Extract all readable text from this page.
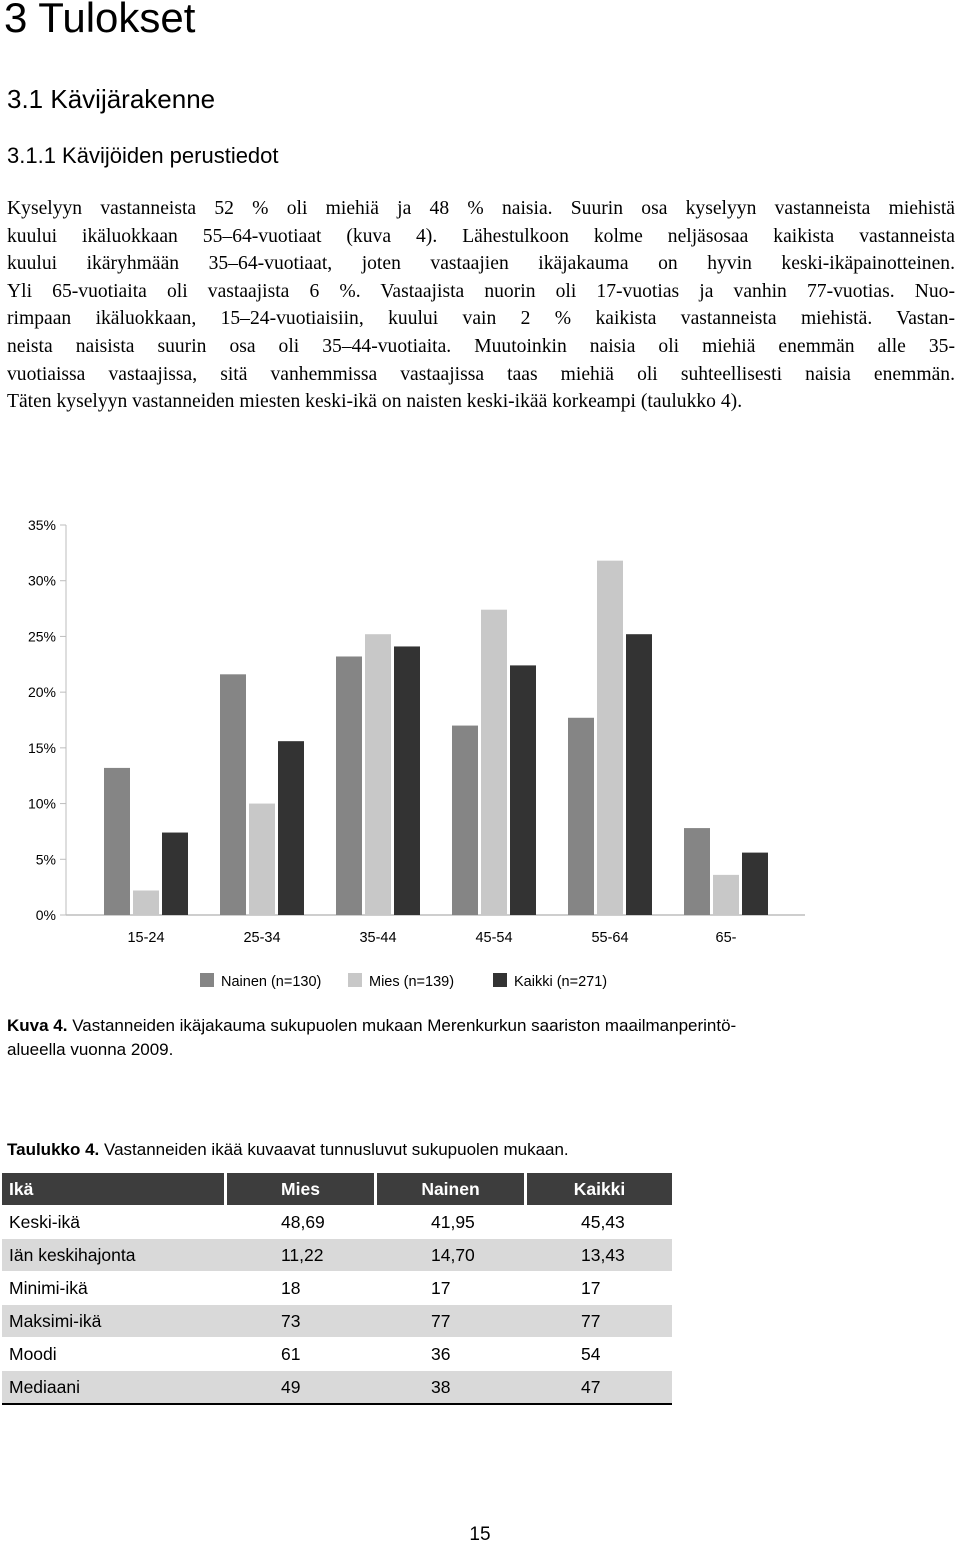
3 Tulokset
3.1 Kävijärakenne
3.1.1 Kävijöiden perustiedot
Kyselyyn vastanneista 52 % oli miehiä ja 48 % naisia. Suurin osa kyselyyn vastanneista miehistä
kuului ikäluokkaan 55–64-vuotiaat (kuva 4). Lähestulkoon kolme neljäsosaa kaikista vastanneista
kuului ikäryhmään 35–64-vuotiaat, joten vastaajien ikäjakauma on hyvin keski-ikäpainotteinen.
Yli 65-vuotiaita oli vastaajista 6 %. Vastaajista nuorin oli 17-vuotias ja vanhin 77-vuotias. Nuo-
rimpaan ikäluokkaan, 15–24-vuotiaisiin, kuului vain 2 % kaikista vastanneista miehistä. Vastan-
neista naisista suurin osa oli 35–44-vuotiaita. Muutoinkin naisia oli miehiä enemmän alle 35-
vuotiaissa vastaajissa, sitä vanhemmissa vastaajissa taas miehiä oli suhteellisesti naisia enemmän.
Täten kyselyyn vastanneiden miesten keski-ikä on naisten keski-ikää korkeampi (taulukko 4).
0%
5%
10%
15%
20%
25%
30%
35%
15-24	25-34	35-44	45-54	55-64	65-
Nainen (n=130)	Mies (n=139)	Kaikki (n=271)
Kuva 4. Vastanneiden ikäjakauma sukupuolen mukaan Merenkurkun saariston maailmanperintö-
alueella vuonna 2009.
Taulukko 4. Vastanneiden ikää kuvaavat tunnusluvut sukupuolen mukaan.
Ikä	Mies	Nainen	Kaikki
Keski-ikä	48,69	41,95	45,43
Iän keskihajonta	11,22	14,70	13,43
Minimi-ikä	18	17	17
Maksimi-ikä	73	77	77
Moodi	61	36	54
Mediaani	49	38	47
15
